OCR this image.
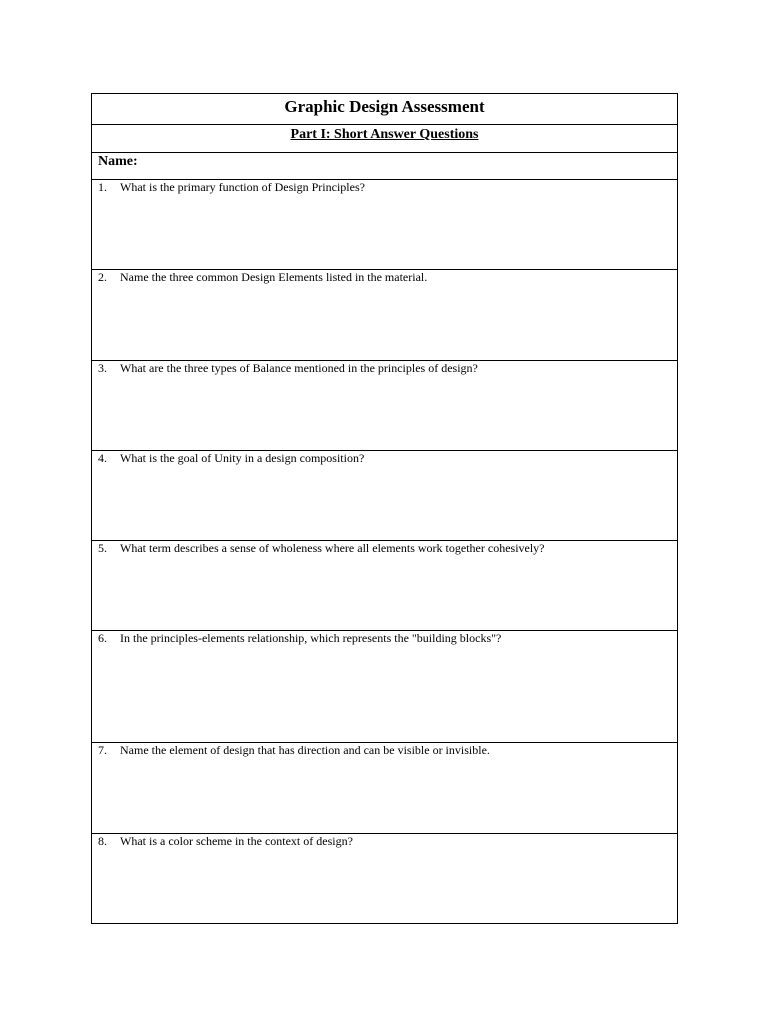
Graphic Design Assessment
Part I: Short Answer Questions
Name:
1. What is the primary function of Design Principles?
2. Name the three common Design Elements listed in the material.
3. What are the three types of Balance mentioned in the principles of design?
4. What is the goal of Unity in a design composition?
5. What term describes a sense of wholeness where all elements work together cohesively?
6. In the principles-elements relationship, which represents the "building blocks"?
7. Name the element of design that has direction and can be visible or invisible.
8. What is a color scheme in the context of design?
